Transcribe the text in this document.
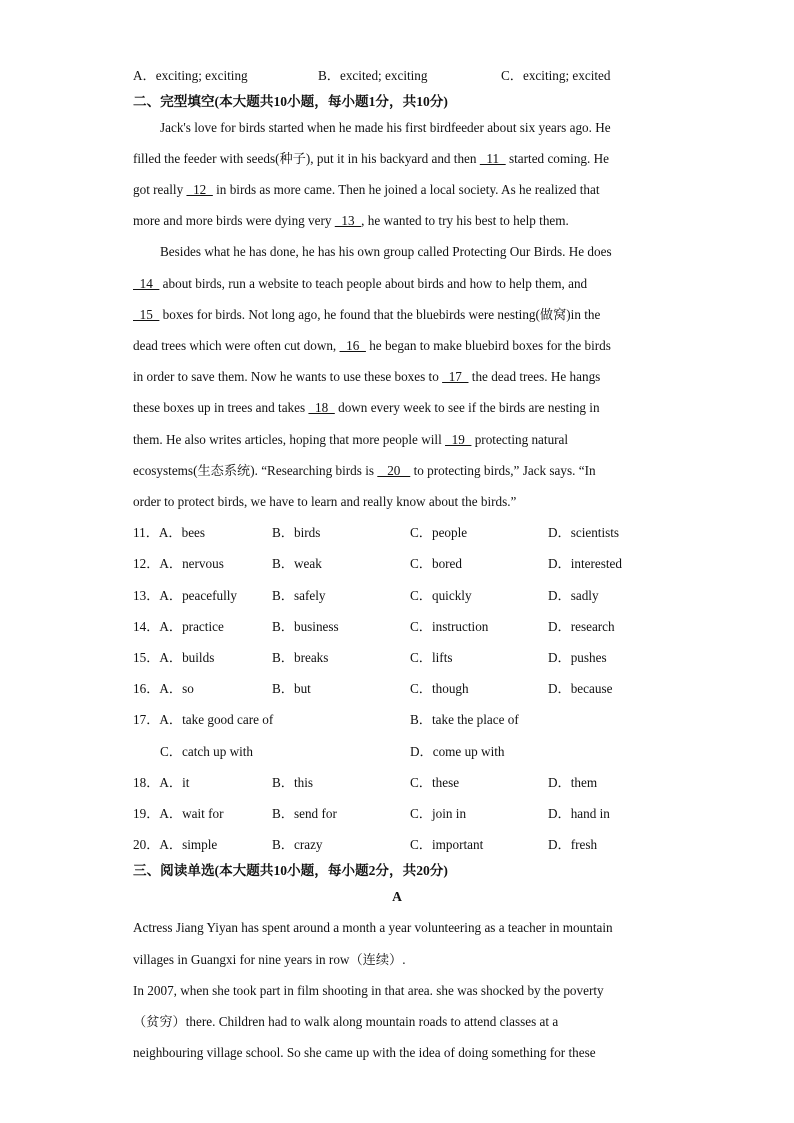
A．exciting; exciting	B．excited; exciting	C．exciting; excited
二、完型填空(本大题共10小题，每小题1分，共10分)
Jack's love for birds started when he made his first birdfeeder about six years ago. He
filled the feeder with seeds(种子), put it in his backyard and then   11   started coming. He
got really   12   in birds as more came. Then he joined a local society. As he realized that
more and more birds were dying very   13  , he wanted to try his best to help them.
Besides what he has done, he has his own group called Protecting Our Birds. He does
14   about birds, run a website to teach people about birds and how to help them, and
15   boxes for birds. Not long ago, he found that the bluebirds were nesting(做窝)in the
dead trees which were often cut down,   16   he began to make bluebird boxes for the birds
in order to save them. Now he wants to use these boxes to   17   the dead trees. He hangs
these boxes up in trees and takes   18   down every week to see if the birds are nesting in
them. He also writes articles, hoping that more people will   19   protecting natural
ecosystems(生态系统). “Researching birds is    20    to protecting birds,” Jack says. “In
order to protect birds, we have to learn and really know about the birds.”
11．A．bees	B．birds	C．people	D．scientists
12．A．nervous	B．weak	C．bored	D．interested
13．A．peacefully	B．safely	C．quickly	D．sadly
14．A．practice	B．business	C．instruction	D．research
15．A．builds	B．breaks	C．lifts	D．pushes
16．A．so	B．but	C．though	D．because
17．A．take good care of	B．take the place of
C．catch up with	D．come up with
18．A．it	B．this	C．these	D．them
19．A．wait for	B．send for	C．join in	D．hand in
20．A．simple	B．crazy	C．important	D．fresh
三、阅读单选(本大题共10小题，每小题2分，共20分)
A
Actress Jiang Yiyan has spent around a month a year volunteering as a teacher in mountain
villages in Guangxi for nine years in row（连续）.
In 2007, when she took part in film shooting in that area. she was shocked by the poverty
（贫穷）there. Children had to walk along mountain roads to attend classes at a
neighbouring village school. So she came up with the idea of doing something for these
